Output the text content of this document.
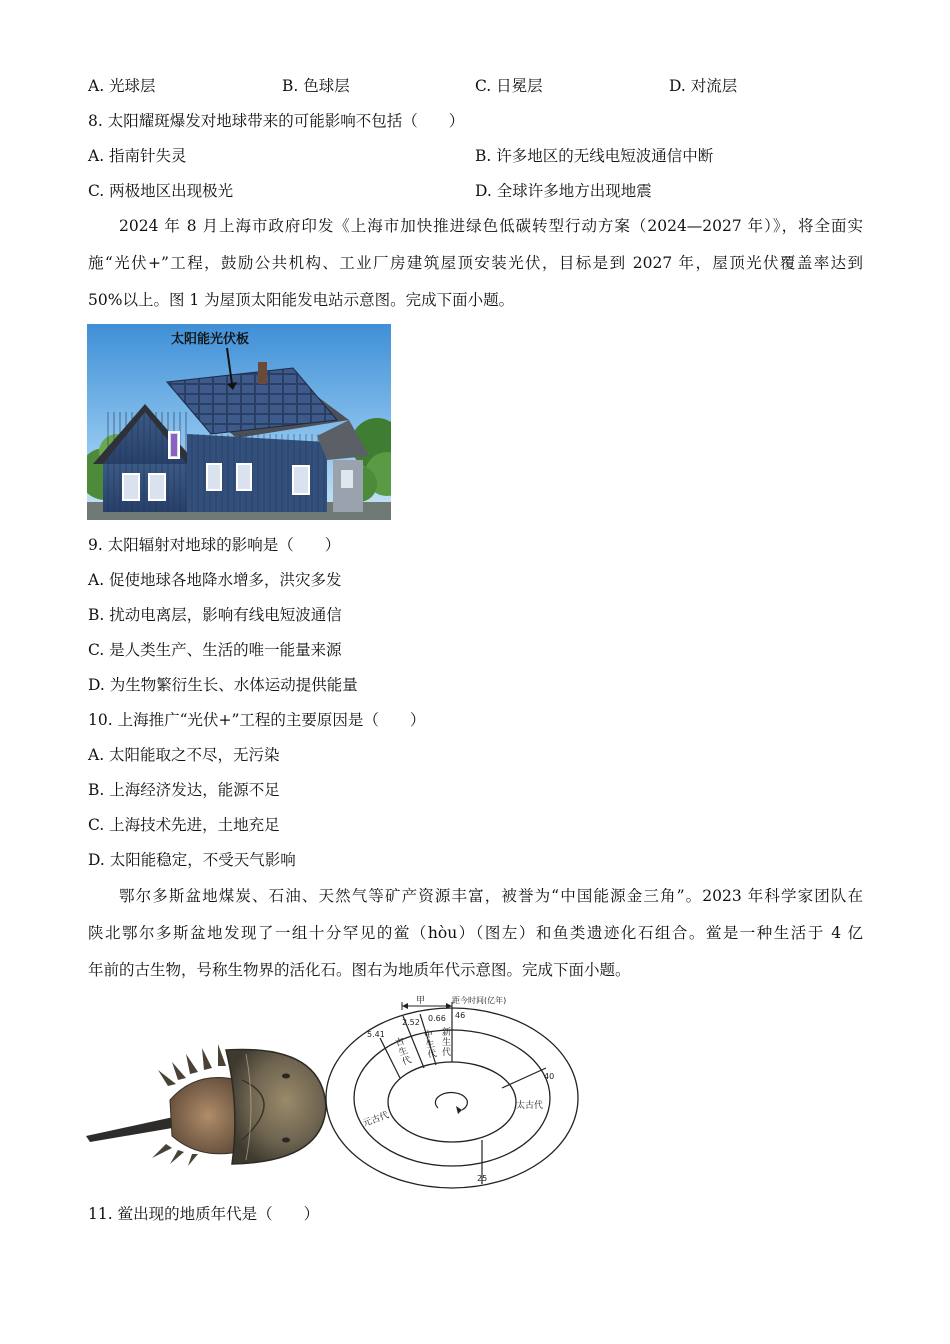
A. 光球层	B. 色球层	C. 日冕层	D. 对流层
8. 太阳耀斑爆发对地球带来的可能影响不包括（　　）
A. 指南针失灵	B. 许多地区的无线电短波通信中断
C. 两极地区出现极光	D. 全球许多地方出现地震
2024 年 8 月上海市政府印发《上海市加快推进绿色低碳转型行动方案（2024—2027 年）》，将全面实
施“光伏+”工程，鼓励公共机构、工业厂房建筑屋顶安装光伏，目标是到 2027 年，屋顶光伏覆盖率达到
50%以上。图 1 为屋顶太阳能发电站示意图。完成下面小题。
太阳能光伏板
9. 太阳辐射对地球的影响是（　　）
A. 促使地球各地降水增多，洪灾多发
B. 扰动电离层，影响有线电短波通信
C. 是人类生产、生活的唯一能量来源
D. 为生物繁衍生长、水体运动提供能量
10. 上海推广“光伏+”工程的主要原因是（　　）
A. 太阳能取之不尽，无污染
B. 上海经济发达，能源不足
C. 上海技术先进，土地充足
D. 太阳能稳定，不受天气影响
鄂尔多斯盆地煤炭、石油、天然气等矿产资源丰富，被誉为“中国能源金三角”。2023 年科学家团队在
陕北鄂尔多斯盆地发现了一组十分罕见的鲎（hòu）（图左）和鱼类遗迹化石组合。鲎是一种生活于 4 亿
年前的古生物，号称生物界的活化石。图右为地质年代示意图。完成下面小题。
甲	距今时间(亿年)
5.41
2.52 0.66 46
40
25
古生代
中生代
新生代
元古代
太古代
11. 鲎出现的地质年代是（　　）
